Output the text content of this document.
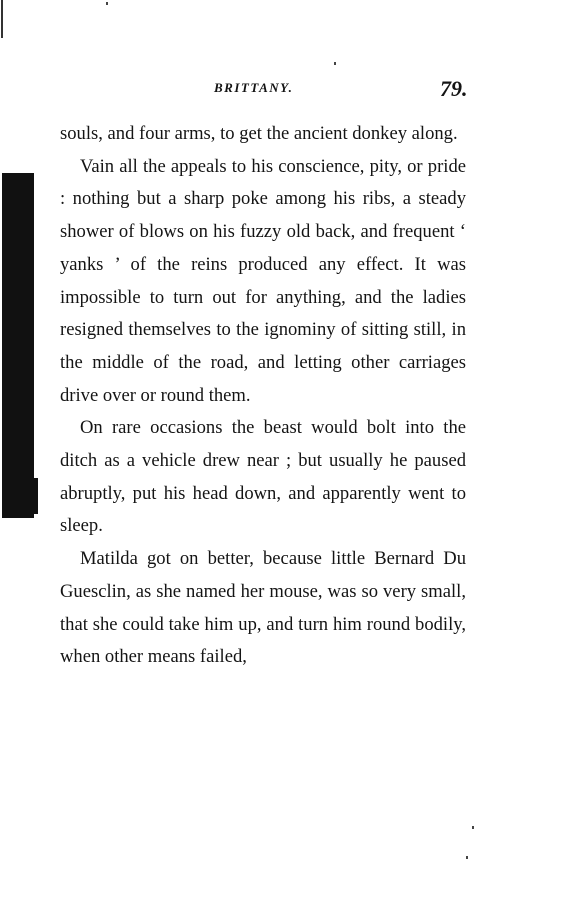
BRITTANY.	79.

souls, and four arms, to get the ancient donkey along.

Vain all the appeals to his conscience, pity, or pride : nothing but a sharp poke among his ribs, a steady shower of blows on his fuzzy old back, and frequent ‘ yanks ’ of the reins produced any effect. It was impossible to turn out for anything, and the ladies resigned themselves to the ignominy of sitting still, in the middle of the road, and letting other carriages drive over or round them.

On rare occasions the beast would bolt into the ditch as a vehicle drew near ; but usually he paused abruptly, put his head down, and apparently went to sleep.

Matilda got on better, because little Bernard Du Guesclin, as she named her mouse, was so very small, that she could take him up, and turn him round bodily, when other means failed,
